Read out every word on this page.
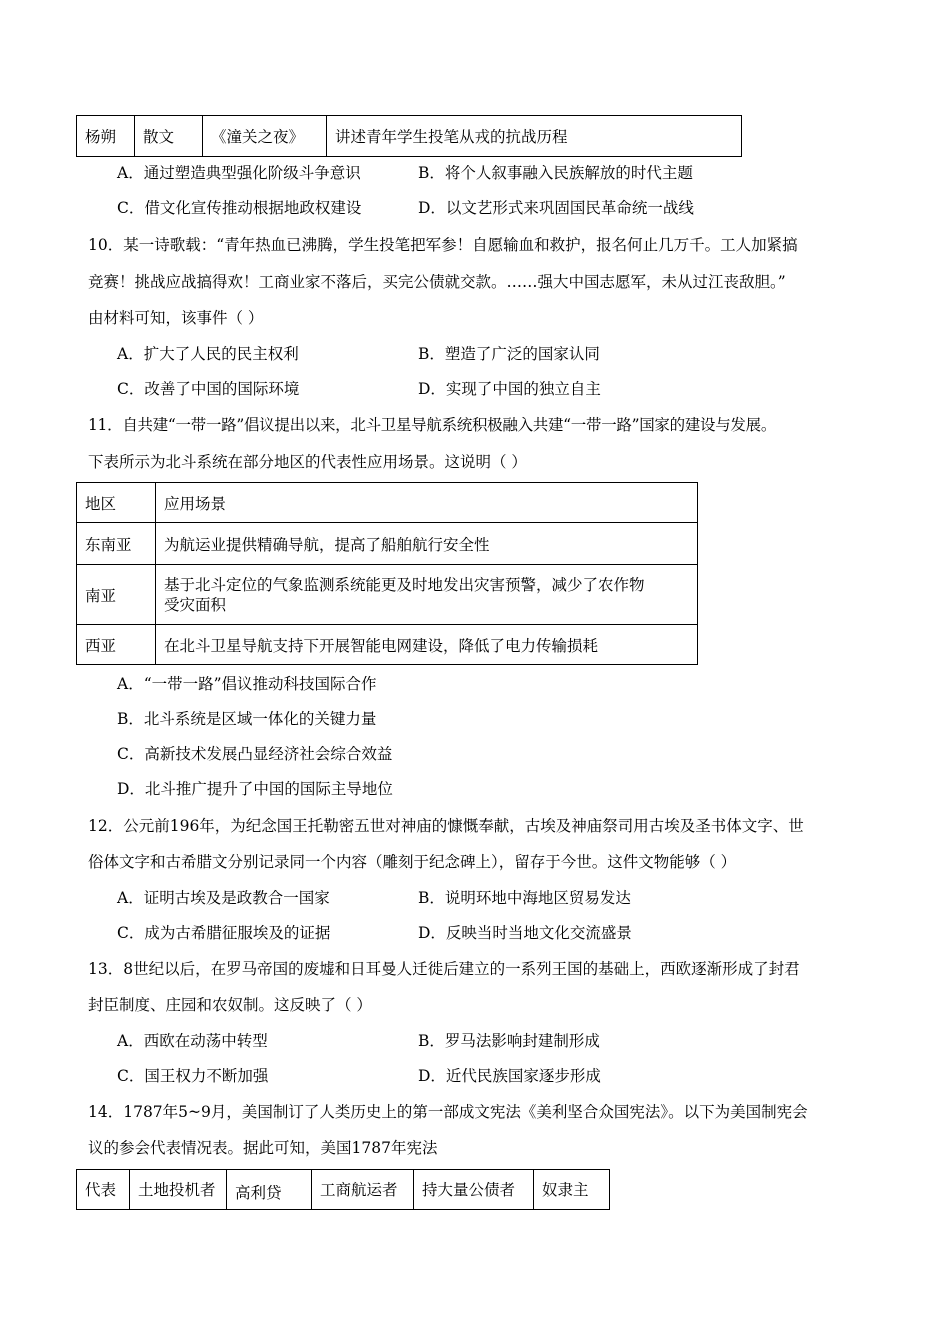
杨朔	散文	《潼关之夜》	讲述青年学生投笔从戎的抗战历程
A．通过塑造典型强化阶级斗争意识	B．将个人叙事融入民族解放的时代主题
C．借文化宣传推动根据地政权建设	D．以文艺形式来巩固国民革命统一战线
10．某一诗歌载：“青年热血已沸腾，学生投笔把军参！自愿输血和救护，报名何止几万千。工人加紧搞
竞赛！挑战应战搞得欢！工商业家不落后，买完公债就交款。……强大中国志愿军，未从过江丧敌胆。”
由材料可知，该事件（ ）
A．扩大了人民的民主权利	B．塑造了广泛的国家认同
C．改善了中国的国际环境	D．实现了中国的独立自主
11．自共建“一带一路”倡议提出以来，北斗卫星导航系统积极融入共建“一带一路”国家的建设与发展。
下表所示为北斗系统在部分地区的代表性应用场景。这说明（ ）
地区	应用场景
东南亚	为航运业提供精确导航，提高了船舶航行安全性
南亚	基于北斗定位的气象监测系统能更及时地发出灾害预警，减少了农作物
受灾面积

西亚	在北斗卫星导航支持下开展智能电网建设，降低了电力传输损耗
A．“一带一路”倡议推动科技国际合作
B．北斗系统是区域一体化的关键力量
C．高新技术发展凸显经济社会综合效益
D．北斗推广提升了中国的国际主导地位
12．公元前196年，为纪念国王托勒密五世对神庙的慷慨奉献，古埃及神庙祭司用古埃及圣书体文字、世
俗体文字和古希腊文分别记录同一个内容（雕刻于纪念碑上），留存于今世。这件文物能够（ ）
A．证明古埃及是政教合一国家	B．说明环地中海地区贸易发达
C．成为古希腊征服埃及的证据	D．反映当时当地文化交流盛景
13．8世纪以后，在罗马帝国的废墟和日耳曼人迁徙后建立的一系列王国的基础上，西欧逐渐形成了封君
封臣制度、庄园和农奴制。这反映了（ ）
A．西欧在动荡中转型	B．罗马法影响封建制形成
C．国王权力不断加强	D．近代民族国家逐步形成
14．1787年5~9月，美国制订了人类历史上的第一部成文宪法《美利坚合众国宪法》。以下为美国制宪会
议的参会代表情况表。据此可知，美国1787年宪法
代表	土地投机者	高利贷	工商航运者	持大量公债者	奴隶主
